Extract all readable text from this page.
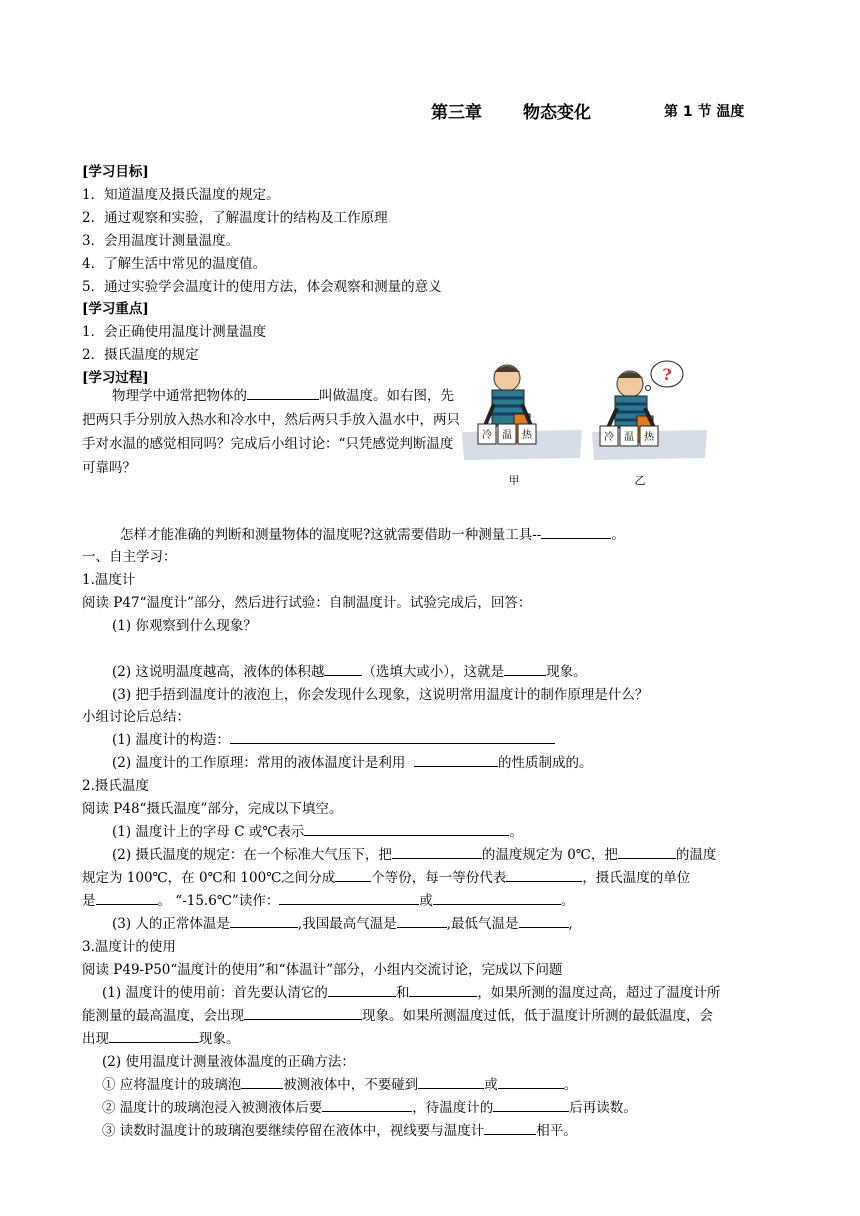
第三章 物态变化	第 1 节 温度
[学习目标]
1．知道温度及摄氏温度的规定。
2．通过观察和实验，了解温度计的结构及工作原理
3．会用温度计测量温度。
4．了解生活中常见的温度值。
5．通过实验学会温度计的使用方法，体会观察和测量的意义
[学习重点]
1．会正确使用温度计测量温度
2．摄氏温度的规定
[学习过程]
物理学中通常把物体的	叫做温度。如右图，先把两只手分别放入热水和冷水中，然后两只手放入温水中，两只手对水温的感觉相同吗？完成后小组讨论：“只凭感觉判断温度可靠吗？
冷 温 热
?
冷 温 热
甲	乙
怎样才能准确的判断和测量物体的温度呢?这就需要借助一种测量工具--	。
一、自主学习：
1.温度计
阅读 P47“温度计”部分，然后进行试验：自制温度计。试验完成后，回答：
(1) 你观察到什么现象？
(2) 这说明温度越高，液体的体积越	（选填大或小），这就是	现象。
(3) 把手捂到温度计的液泡上，你会发现什么现象，这说明常用温度计的制作原理是什么？
小组讨论后总结：
(1) 温度计的构造：
(2) 温度计的工作原理：常用的液体温度计是利用	的性质制成的。
2.摄氏温度
阅读 P48“摄氏温度”部分，完成以下填空。
(1) 温度计上的字母 C 或℃表示	。
(2) 摄氏温度的规定：在一个标准大气压下，把	的温度规定为 0℃，把	的温度
规定为 100℃，在 0℃和 100℃之间分成	个等份，每一等份代表	，摄氏温度的单位
是	。 “-15.6℃”读作：	或	。
(3) 人的正常体温是	,我国最高气温是	,最低气温是	,
3.温度计的使用
阅读 P49-P50“温度计的使用”和“体温计”部分，小组内交流讨论，完成以下问题
(1) 温度计的使用前：首先要认清它的	和	，如果所测的温度过高，超过了温度计所
能测量的最高温度，会出现	现象。如果所测温度过低，低于温度计所测的最低温度，会
出现	现象。
(2) 使用温度计测量液体温度的正确方法：
① 应将温度计的玻璃泡	被测液体中，不要碰到	或	。
② 温度计的玻璃泡浸入被测液体后要	，待温度计的	后再读数。
③ 读数时温度计的玻璃泡要继续停留在液体中，视线要与温度计	相平。
